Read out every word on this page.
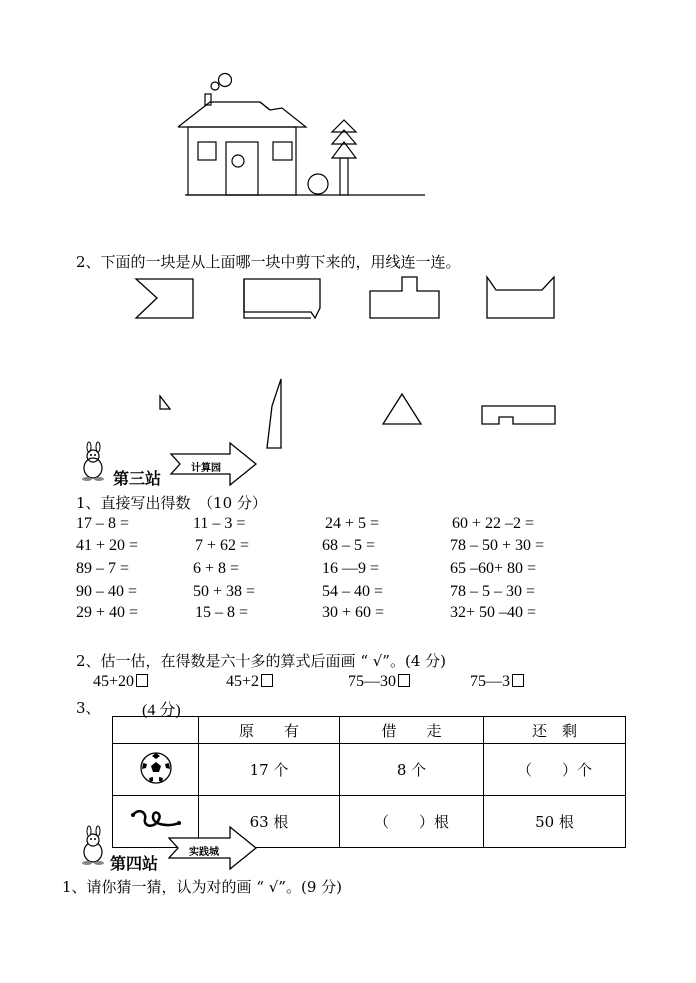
2、下面的一块是从上面哪一块中剪下来的，用线连一连。
第三站
计算园
1、直接写出得数　（10 分）
17 – 8 =	11 – 3 =	24 + 5 =	60 + 22 –2 =
41 + 20 =	7 + 62 =	68 – 5 =	78 – 50 + 30 =
89 – 7 =	6 + 8 =	16 —9 =	65 –60+ 80 =
90 – 40 =	50 + 38 =	54 – 40 =	78 – 5 – 30 =
29 + 40 =	15 – 8 =	30 + 60 =	32+ 50 –40 =
2、估一估，在得数是六十多的算式后面画 “ √”。(4 分)
45+20	45+2	75—30	75—3
3、	(4 分)
	原　　有	借　　走	还　剩
	17 个	8 个	（　　）个
	63 根	（　　）根	50 根
第四站
实践城
1、请你猜一猜，认为对的画 “ √”。(9 分)
